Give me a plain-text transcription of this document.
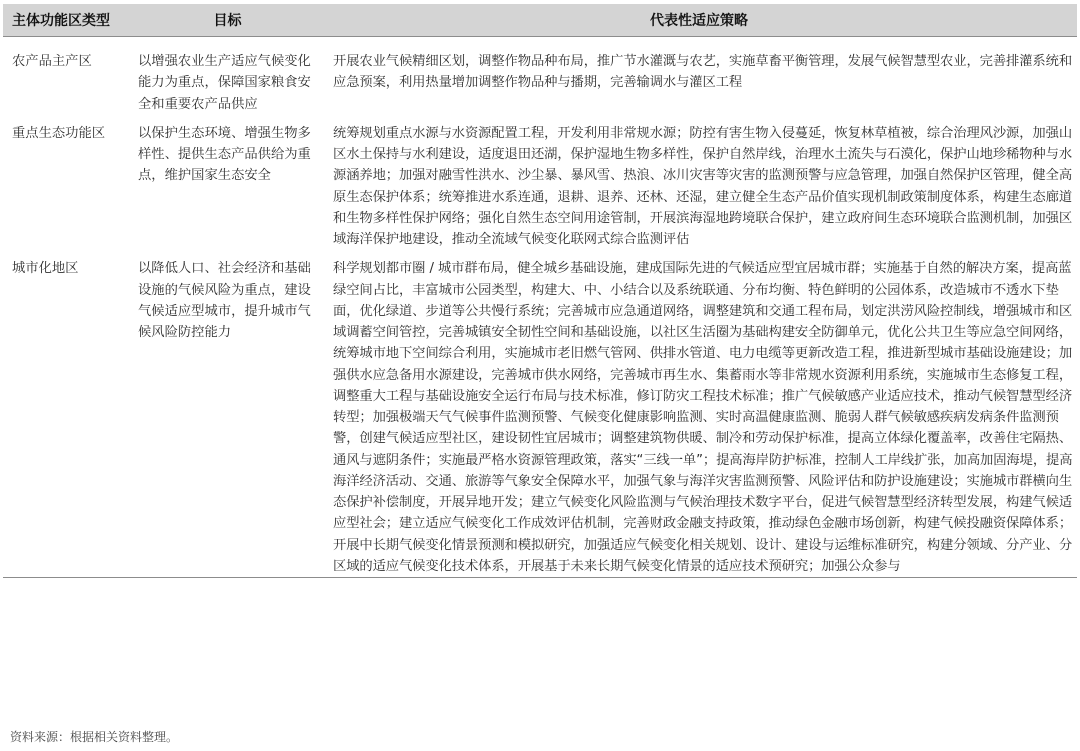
主体功能区类型	目标	代表性适应策略
农产品主产区	以增强农业生产适应气候变化能力为重点，保障国家粮食安全和重要农产品供应	开展农业气候精细区划，调整作物品种布局，推广节水灌溉与农艺，实施草畜平衡管理，发展气候智慧型农业，完善排灌系统和应急预案，利用热量增加调整作物品种与播期，完善输调水与灌区工程
重点生态功能区	以保护生态环境、增强生物多样性、提供生态产品供给为重点，维护国家生态安全	统筹规划重点水源与水资源配置工程，开发利用非常规水源；防控有害生物入侵蔓延，恢复林草植被，综合治理风沙源，加强山区水土保持与水利建设，适度退田还湖，保护湿地生物多样性，保护自然岸线，治理水土流失与石漠化，保护山地珍稀物种与水源涵养地；加强对融雪性洪水、沙尘暴、暴风雪、热浪、冰川灾害等灾害的监测预警与应急管理，加强自然保护区管理，健全高原生态保护体系；统筹推进水系连通，退耕、退养、还林、还湿，建立健全生态产品价值实现机制政策制度体系，构建生态廊道和生物多样性保护网络；强化自然生态空间用途管制，开展滨海湿地跨境联合保护，建立政府间生态环境联合监测机制，加强区域海洋保护地建设，推动全流域气候变化联网式综合监测评估
城市化地区	以降低人口、社会经济和基础设施的气候风险为重点，建设气候适应型城市，提升城市气候风险防控能力	科学规划都市圈 / 城市群布局，健全城乡基础设施，建成国际先进的气候适应型宜居城市群；实施基于自然的解决方案，提高蓝绿空间占比，丰富城市公园类型，构建大、中、小结合以及系统联通、分布均衡、特色鲜明的公园体系，改造城市不透水下垫面，优化绿道、步道等公共慢行系统；完善城市应急通道网络，调整建筑和交通工程布局，划定洪涝风险控制线，增强城市和区域调蓄空间管控，完善城镇安全韧性空间和基础设施，以社区生活圈为基础构建安全防御单元，优化公共卫生等应急空间网络，统筹城市地下空间综合利用，实施城市老旧燃气管网、供排水管道、电力电缆等更新改造工程，推进新型城市基础设施建设；加强供水应急备用水源建设，完善城市供水网络，完善城市再生水、集蓄雨水等非常规水资源利用系统，实施城市生态修复工程，调整重大工程与基础设施安全运行布局与技术标准，修订防灾工程技术标准；推广气候敏感产业适应技术，推动气候智慧型经济转型；加强极端天气气候事件监测预警、气候变化健康影响监测、实时高温健康监测、脆弱人群气候敏感疾病发病条件监测预警，创建气候适应型社区，建设韧性宜居城市；调整建筑物供暖、制冷和劳动保护标准，提高立体绿化覆盖率，改善住宅隔热、通风与遮阴条件；实施最严格水资源管理政策，落实“三线一单”；提高海岸防护标准，控制人工岸线扩张，加高加固海堤，提高海洋经济活动、交通、旅游等气象安全保障水平，加强气象与海洋灾害监测预警、风险评估和防护设施建设；实施城市群横向生态保护补偿制度，开展异地开发；建立气候变化风险监测与气候治理技术数字平台，促进气候智慧型经济转型发展，构建气候适应型社会；建立适应气候变化工作成效评估机制，完善财政金融支持政策，推动绿色金融市场创新，构建气候投融资保障体系；开展中长期气候变化情景预测和模拟研究，加强适应气候变化相关规划、设计、建设与运维标准研究，构建分领域、分产业、分区域的适应气候变化技术体系，开展基于未来长期气候变化情景的适应技术预研究；加强公众参与
资料来源：根据相关资料整理。
